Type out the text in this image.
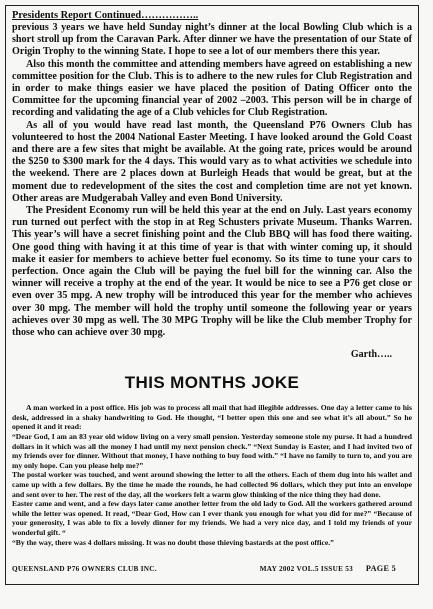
Presidents Report Continued……………..

previous 3 years we have held Sunday night’s dinner at the local Bowling Club which is a short stroll up from the Caravan Park. After dinner we have the presentation of our State of Origin Trophy to the winning State. I hope to see a lot of our members there this year.

Also this month the committee and attending members have agreed on establishing a new committee position for the Club. This is to adhere to the new rules for Club Registration and in order to make things easier we have placed the position of Dating Officer onto the Committee for the upcoming financial year of 2002 –2003. This person will be in charge of recording and validating the age of a Club vehicles for Club Registration.

As all of you would have read last month, the Queensland P76 Owners Club has volunteered to host the 2004 National Easter Meeting. I have looked around the Gold Coast and there are a few sites that might be available. At the going rate, prices would be around the $250 to $300 mark for the 4 days. This would vary as to what activities we schedule into the weekend. There are 2 places down at Burleigh Heads that would be great, but at the moment due to redevelopment of the sites the cost and completion time are not yet known. Other areas are Mudgerabah Valley and even Bond University.

The President Economy run will be held this year at the end on July. Last years economy run turned out perfect with the stop in at Reg Schusters private Museum. Thanks Warren. This year’s will have a secret finishing point and the Club BBQ will has food there waiting. One good thing with having it at this time of year is that with winter coming up, it should make it easier for members to achieve better fuel economy. So its time to tune your cars to perfection. Once again the Club will be paying the fuel bill for the winning car. Also the winner will receive a trophy at the end of the year. It would be nice to see a P76 get close or even over 35 mpg. A new trophy will be introduced this year for the member who achieves over 30 mpg. The member will hold the trophy until someone the following year or years achieves over 30 mpg as well. The 30 MPG Trophy will be like the Club member Trophy for those who can achieve over 30 mpg.

Garth…..
THIS MONTHS JOKE

A man worked in a post office. His job was to process all mail that had illegible addresses. One day a letter came to his desk, addressed in a shaky handwriting to God. He thought, “I better open this one and see what it’s all about.” So he opened it and it read:

“Dear God, I am an 83 year old widow living on a very small pension. Yesterday someone stole my purse. It had a hundred dollars in it which was all the money I had until my next pension check.” “Next Sunday is Easter, and I had invited two of my friends over for dinner. Without that money, I have nothing to buy food with.” “I have no family to turn to, and you are my only hope. Can you please help me?”

The postal worker was touched, and went around showing the letter to all the others. Each of them dug into his wallet and came up with a few dollars. By the time he made the rounds, he had collected 96 dollars, which they put into an envelope and sent over to her. The rest of the day, all the workers felt a warm glow thinking of the nice thing they had done.

Easter came and went, and a few days later came another letter from the old lady to God. All the workers gathered around while the letter was opened. It read, “Dear God, How can I ever thank you enough for what you did for me?” “Because of your generosity, I was able to fix a lovely dinner for my friends. We had a very nice day, and I told my friends of your wonderful gift. “

“By the way, there was 4 dollars missing. It was no doubt those thieving bastards at the post office.”

QUEENSLAND P76 OWNERS CLUB INC.	MAY 2002 VOL.5 ISSUE 53 PAGE 5
